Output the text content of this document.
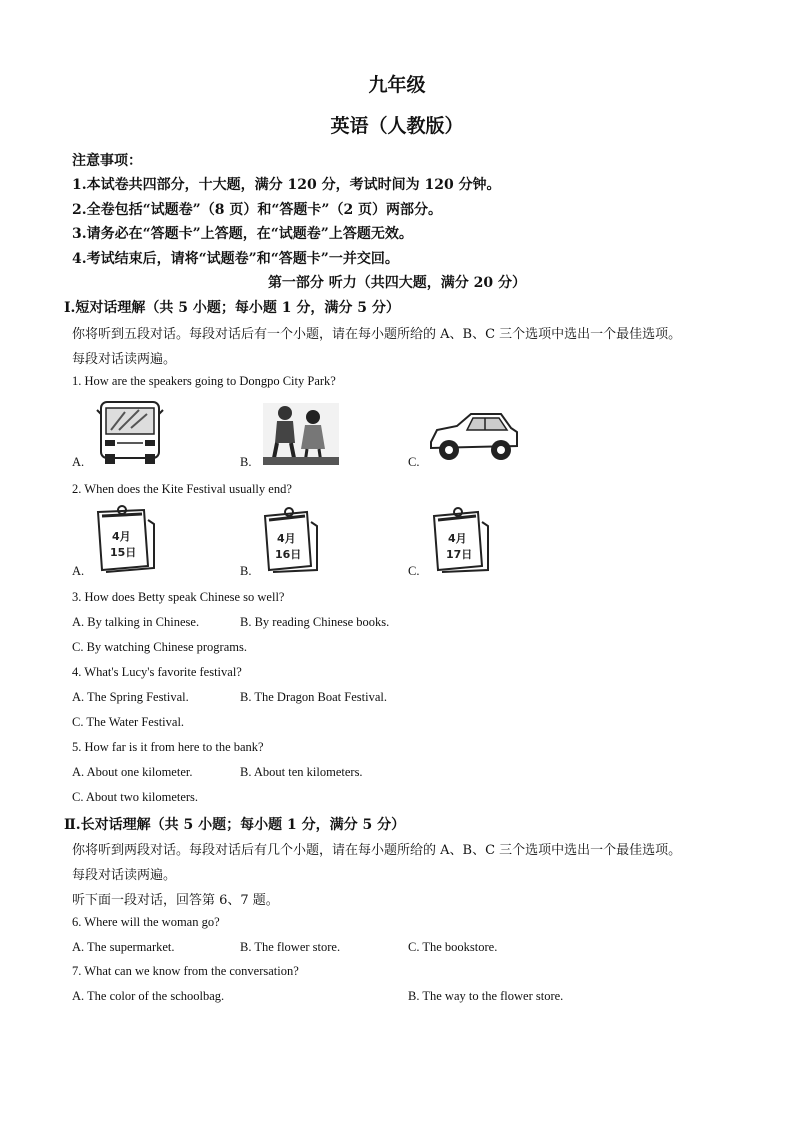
九年级
英语（人教版）
注意事项：
1.本试卷共四部分，十大题，满分 120 分，考试时间为 120 分钟。
2.全卷包括“试题卷”（8 页）和“答题卡”（2 页）两部分。
3.请务必在“答题卡”上答题，在“试题卷”上答题无效。
4.考试结束后，请将“试题卷”和“答题卡”一并交回。
第一部分 听力（共四大题，满分 20 分）
Ⅰ.短对话理解（共 5 小题；每小题 1 分，满分 5 分）
你将听到五段对话。每段对话后有一个小题，请在每小题所给的 A、B、C 三个选项中选出一个最佳选项。
每段对话读两遍。
1. How are the speakers going to Dongpo City Park?
A.	B.	C.
2. When does the Kite Festival usually end?
4月
15日
A.
4月
16日
B.
4月
17日
C.
3. How does Betty speak Chinese so well?
A. By talking in Chinese.	B. By reading Chinese books.
C. By watching Chinese programs.
4. What's Lucy's favorite festival?
A. The Spring Festival.	B. The Dragon Boat Festival.
C. The Water Festival.
5. How far is it from here to the bank?
A. About one kilometer.	B. About ten kilometers.
C. About two kilometers.
Ⅱ.长对话理解（共 5 小题；每小题 1 分，满分 5 分）
你将听到两段对话。每段对话后有几个小题，请在每小题所给的 A、B、C 三个选项中选出一个最佳选项。
每段对话读两遍。
听下面一段对话，回答第 6、7 题。
6. Where will the woman go?
A. The supermarket.	B. The flower store.	C. The bookstore.
7. What can we know from the conversation?
A. The color of the schoolbag.	B. The way to the flower store.
